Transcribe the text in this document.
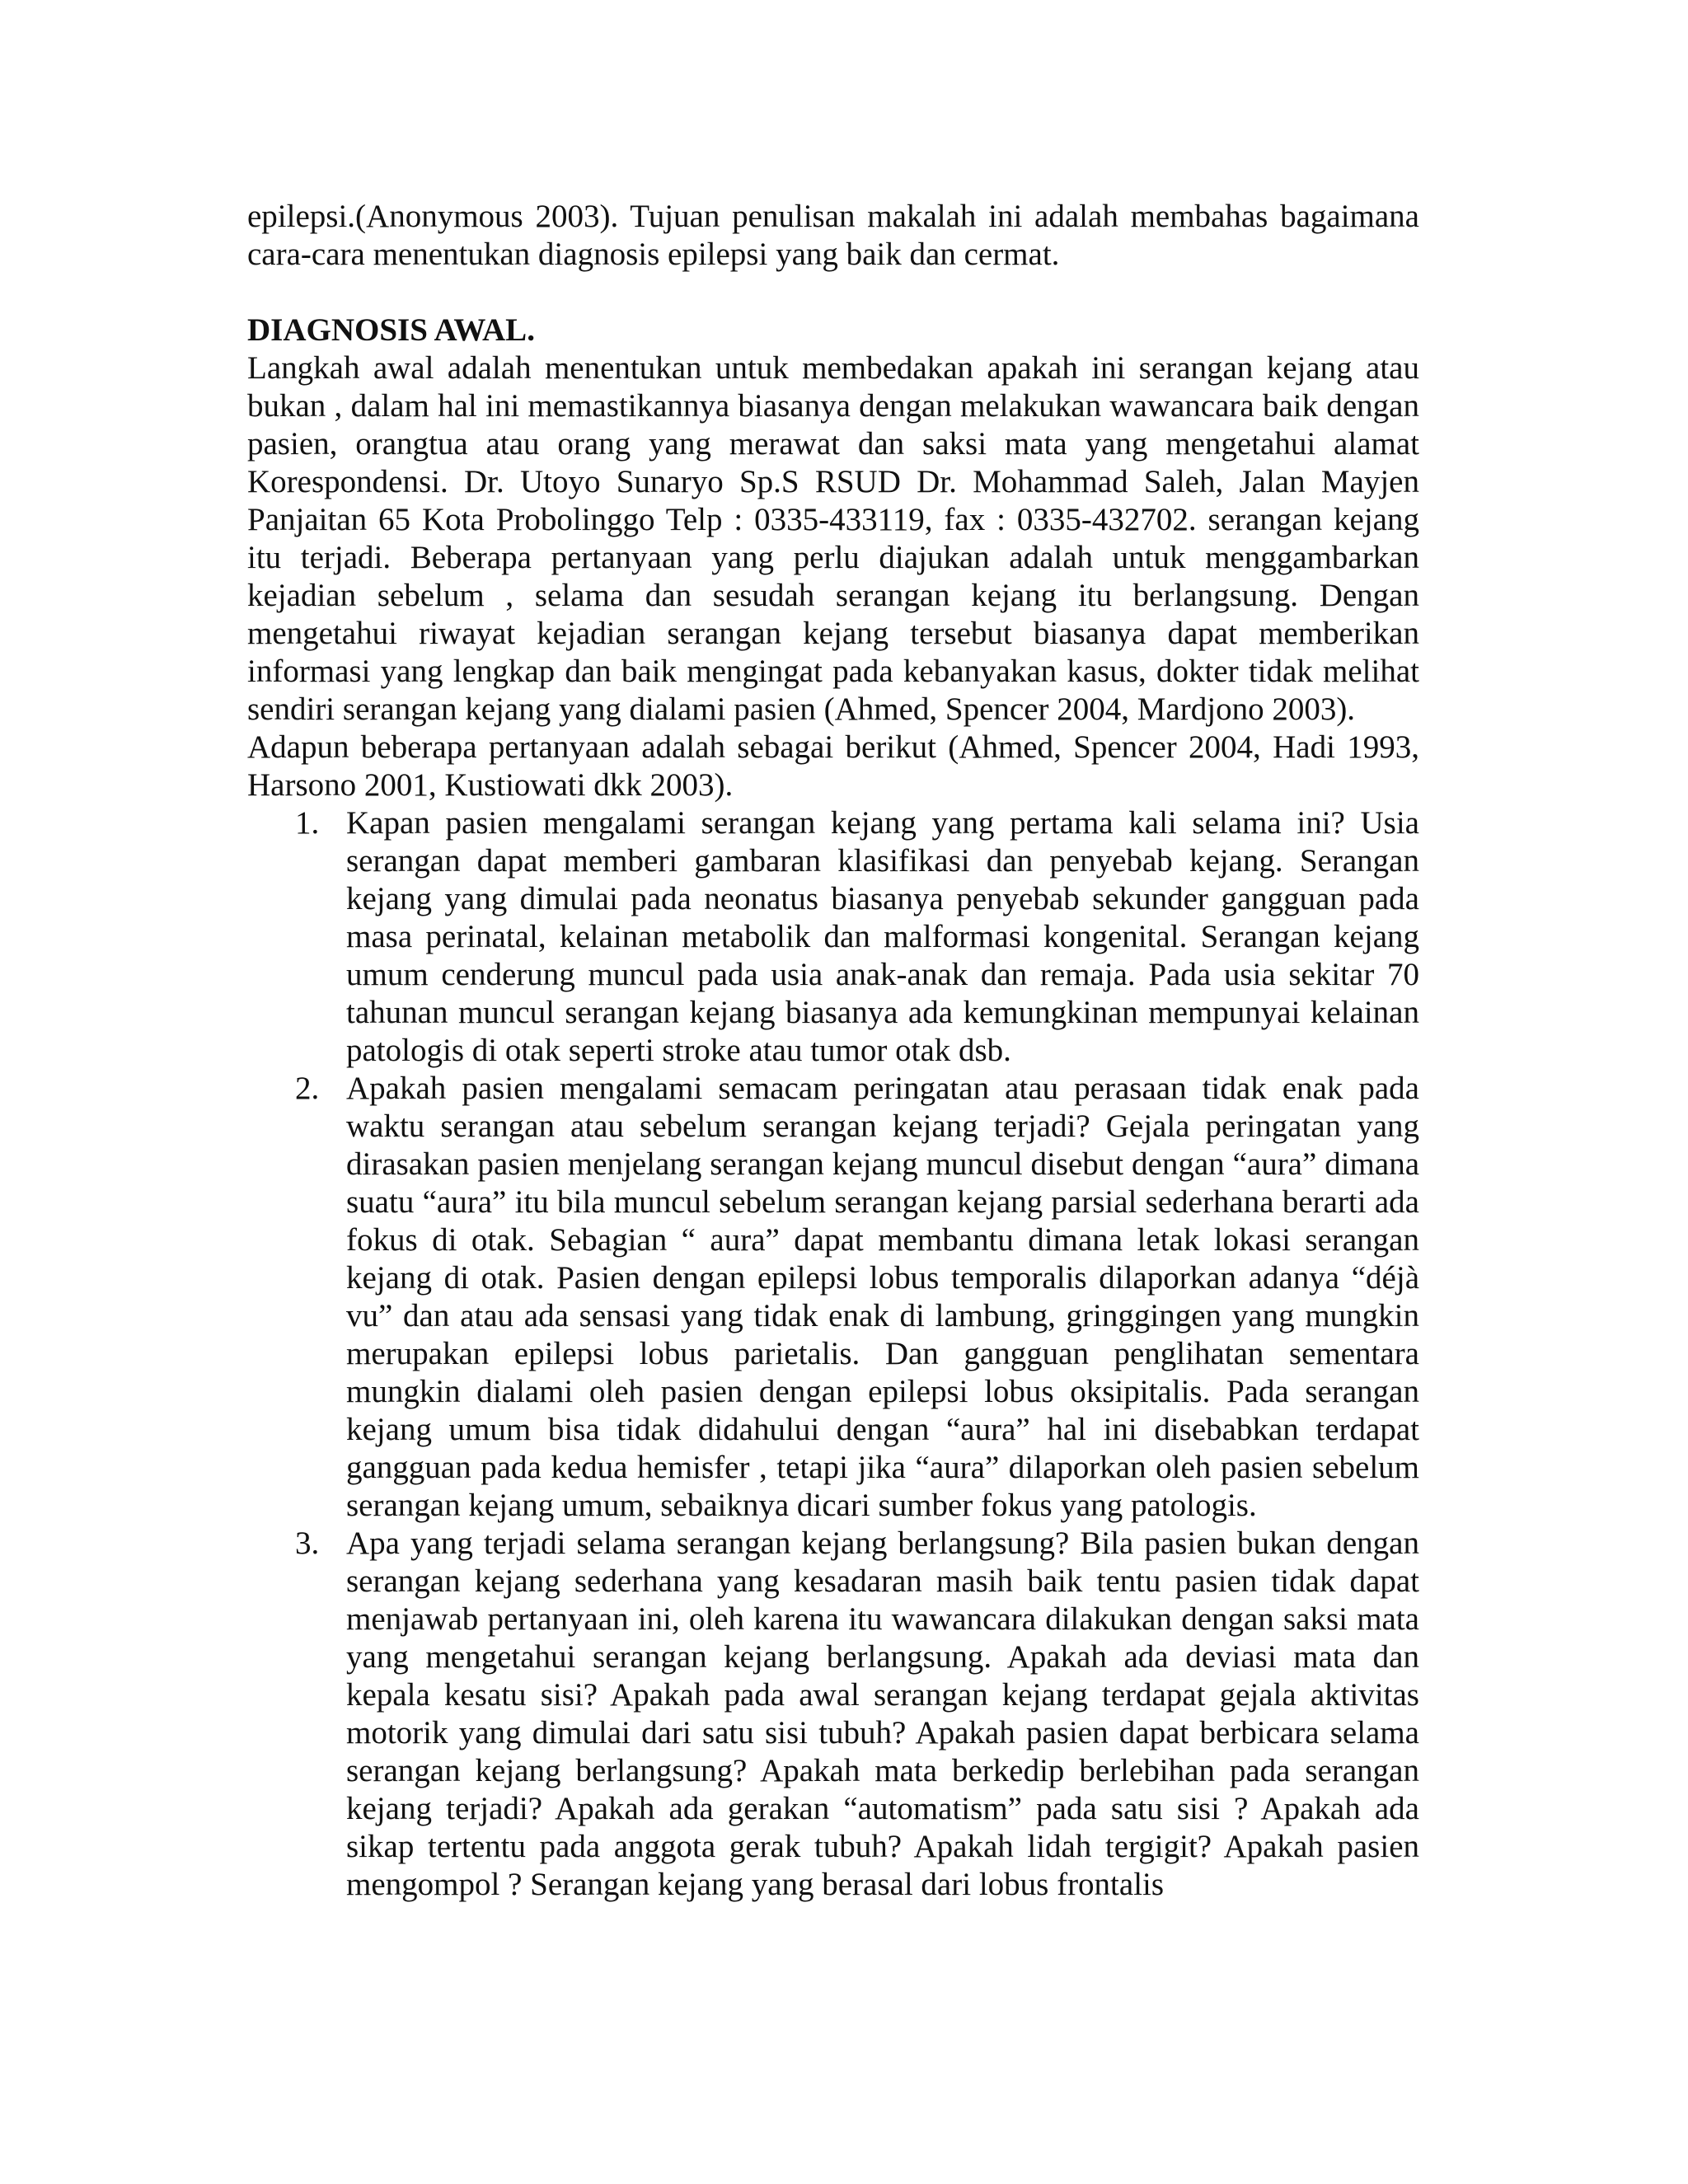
epilepsi.(Anonymous 2003). Tujuan penulisan makalah ini adalah membahas bagaimana cara-cara menentukan diagnosis epilepsi yang baik dan cermat.

DIAGNOSIS AWAL.

Langkah awal adalah menentukan untuk membedakan apakah ini serangan kejang atau bukan , dalam hal ini memastikannya biasanya dengan melakukan wawancara baik dengan pasien, orangtua atau orang yang merawat dan saksi mata yang mengetahui alamat Korespondensi. Dr. Utoyo Sunaryo Sp.S RSUD Dr. Mohammad Saleh, Jalan Mayjen Panjaitan 65 Kota Probolinggo Telp : 0335-433119, fax : 0335-432702. serangan kejang itu terjadi. Beberapa pertanyaan yang perlu diajukan adalah untuk menggambarkan kejadian sebelum , selama dan sesudah serangan kejang itu berlangsung. Dengan mengetahui riwayat kejadian serangan kejang tersebut biasanya dapat memberikan informasi yang lengkap dan baik mengingat pada kebanyakan kasus, dokter tidak melihat sendiri serangan kejang yang dialami pasien (Ahmed, Spencer 2004, Mardjono 2003).

Adapun beberapa pertanyaan adalah sebagai berikut (Ahmed, Spencer 2004, Hadi 1993, Harsono 2001, Kustiowati dkk 2003).

1. Kapan pasien mengalami serangan kejang yang pertama kali selama ini? Usia serangan dapat memberi gambaran klasifikasi dan penyebab kejang. Serangan kejang yang dimulai pada neonatus biasanya penyebab sekunder gangguan pada masa perinatal, kelainan metabolik dan malformasi kongenital. Serangan kejang umum cenderung muncul pada usia anak-anak dan remaja. Pada usia sekitar 70 tahunan muncul serangan kejang biasanya ada kemungkinan mempunyai kelainan patologis di otak seperti stroke atau tumor otak dsb.
2. Apakah pasien mengalami semacam peringatan atau perasaan tidak enak pada waktu serangan atau sebelum serangan kejang terjadi? Gejala peringatan yang dirasakan pasien menjelang serangan kejang muncul disebut dengan “aura” dimana suatu “aura” itu bila muncul sebelum serangan kejang parsial sederhana berarti ada fokus di otak. Sebagian “ aura” dapat membantu dimana letak lokasi serangan kejang di otak. Pasien dengan epilepsi lobus temporalis dilaporkan adanya “déjà vu” dan atau ada sensasi yang tidak enak di lambung, gringgingen yang mungkin merupakan epilepsi lobus parietalis. Dan gangguan penglihatan sementara mungkin dialami oleh pasien dengan epilepsi lobus oksipitalis. Pada serangan kejang umum bisa tidak didahului dengan “aura” hal ini disebabkan terdapat gangguan pada kedua hemisfer , tetapi jika “aura” dilaporkan oleh pasien sebelum serangan kejang umum, sebaiknya dicari sumber fokus yang patologis.
3. Apa yang terjadi selama serangan kejang berlangsung? Bila pasien bukan dengan serangan kejang sederhana yang kesadaran masih baik tentu pasien tidak dapat menjawab pertanyaan ini, oleh karena itu wawancara dilakukan dengan saksi mata yang mengetahui serangan kejang berlangsung. Apakah ada deviasi mata dan kepala kesatu sisi? Apakah pada awal serangan kejang terdapat gejala aktivitas motorik yang dimulai dari satu sisi tubuh? Apakah pasien dapat berbicara selama serangan kejang berlangsung? Apakah mata berkedip berlebihan pada serangan kejang terjadi? Apakah ada gerakan “automatism” pada satu sisi ? Apakah ada sikap tertentu pada anggota gerak tubuh? Apakah lidah tergigit? Apakah pasien mengompol ? Serangan kejang yang berasal dari lobus frontalis
